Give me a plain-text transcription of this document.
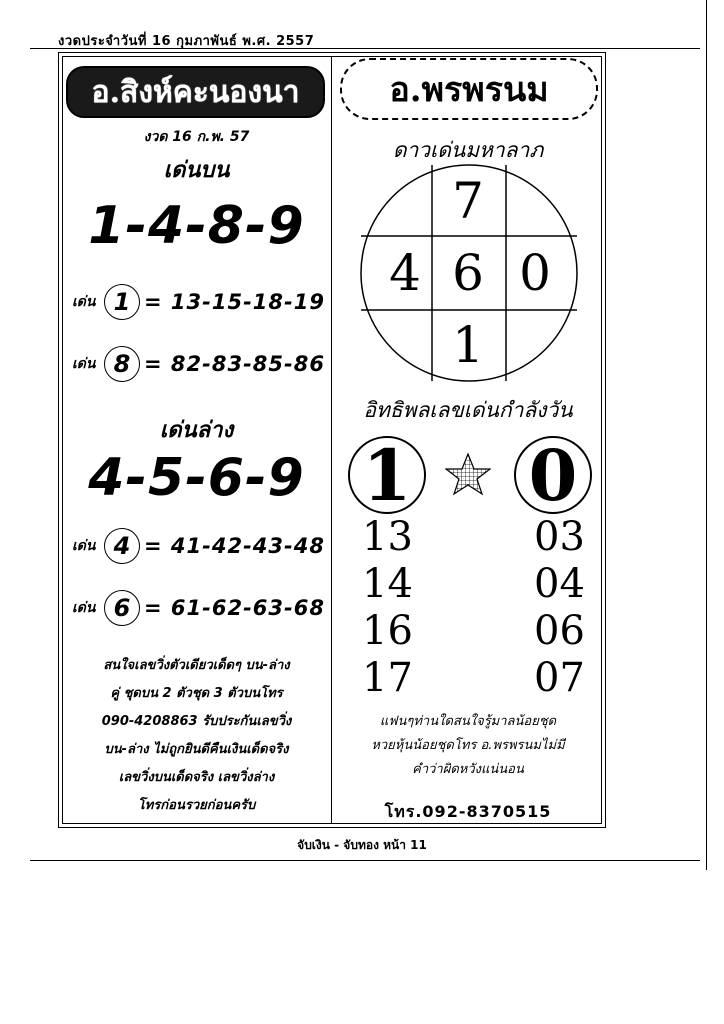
งวดประจำวันที่ 16 กุมภาพันธ์ พ.ศ. 2557
อ.สิงห์คะนองนา
งวด 16 ก.พ. 57
เด่นบน
1-4-8-9
เด่น 1 = 13-15-18-19
เด่น 8 = 82-83-85-86
เด่นล่าง
4-5-6-9
เด่น 4 = 41-42-43-48
เด่น 6 = 61-62-63-68
สนใจเลขวิ่งตัวเดียวเด็ดๆ บน-ล่าง
คู่ ชุดบน 2 ตัวชุด 3 ตัวบนโทร
090-4208863 รับประกันเลขวิ่ง
บน-ล่าง ไม่ถูกยินดีคืนเงินเด็ดจริง
เลขวิ่งบนเด็ดจริง เลขวิ่งล่าง
โทรก่อนรวยก่อนครับ
อ.พรพรนม
ดาวเด่นมหาลาภ
7
4 6 0
1
อิทธิพลเลขเด่นกำลังวัน
1 0
13
14
16
17
03
04
06
07
แฟนๆท่านใดสนใจรู้มาลน้อยชุด
หวยหุ้นน้อยชุดโทร อ.พรพรนมไม่มี
คำว่าผิดหวังแน่นอน
โทร.092-8370515
จับเงิน - จับทอง หน้า 11
